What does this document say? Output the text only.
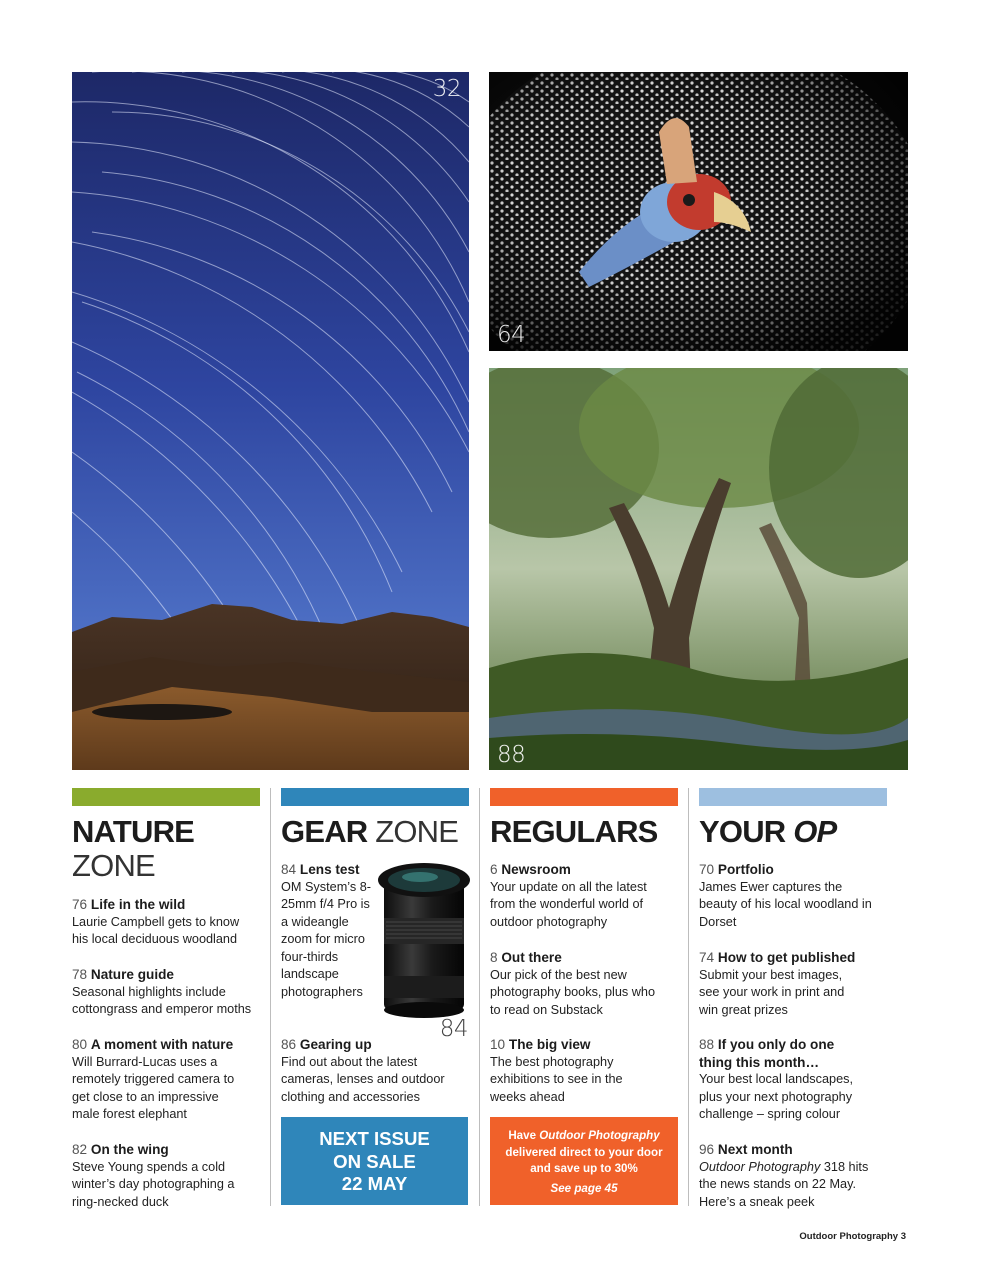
32
64
88
NATURE
ZONE
76 Life in the wild
Laurie Campbell gets to know his local deciduous woodland
78 Nature guide
Seasonal highlights include cottongrass and emperor moths
80 A moment with nature
Will Burrard-Lucas uses a remotely triggered camera to get close to an impressive male forest elephant
82 On the wing
Steve Young spends a cold winter’s day photographing a ring-necked duck
GEAR ZONE
84
84 Lens test
OM System’s 8-25mm f/4 Pro is a wideangle zoom for micro four-thirds landscape photographers
86 Gearing up
Find out about the latest cameras, lenses and outdoor clothing and accessories
NEXT ISSUE
ON SALE
22 MAY
REGULARS
6 Newsroom
Your update on all the latest from the wonderful world of outdoor photography
8 Out there
Our pick of the best new photography books, plus who to read on Substack
10 The big view
The best photography exhibitions to see in the weeks ahead
Have Outdoor Photography
delivered direct to your door
and save up to 30%
See page 45
YOUR OP
70 Portfolio
James Ewer captures the beauty of his local woodland in Dorset
74 How to get published
Submit your best images, see your work in print and win great prizes
88 If you only do one thing this month…
Your best local landscapes, plus your next photography challenge – spring colour
96 Next month
Outdoor Photography 318 hits the news stands on 22 May. Here’s a sneak peek
Outdoor Photography 3
